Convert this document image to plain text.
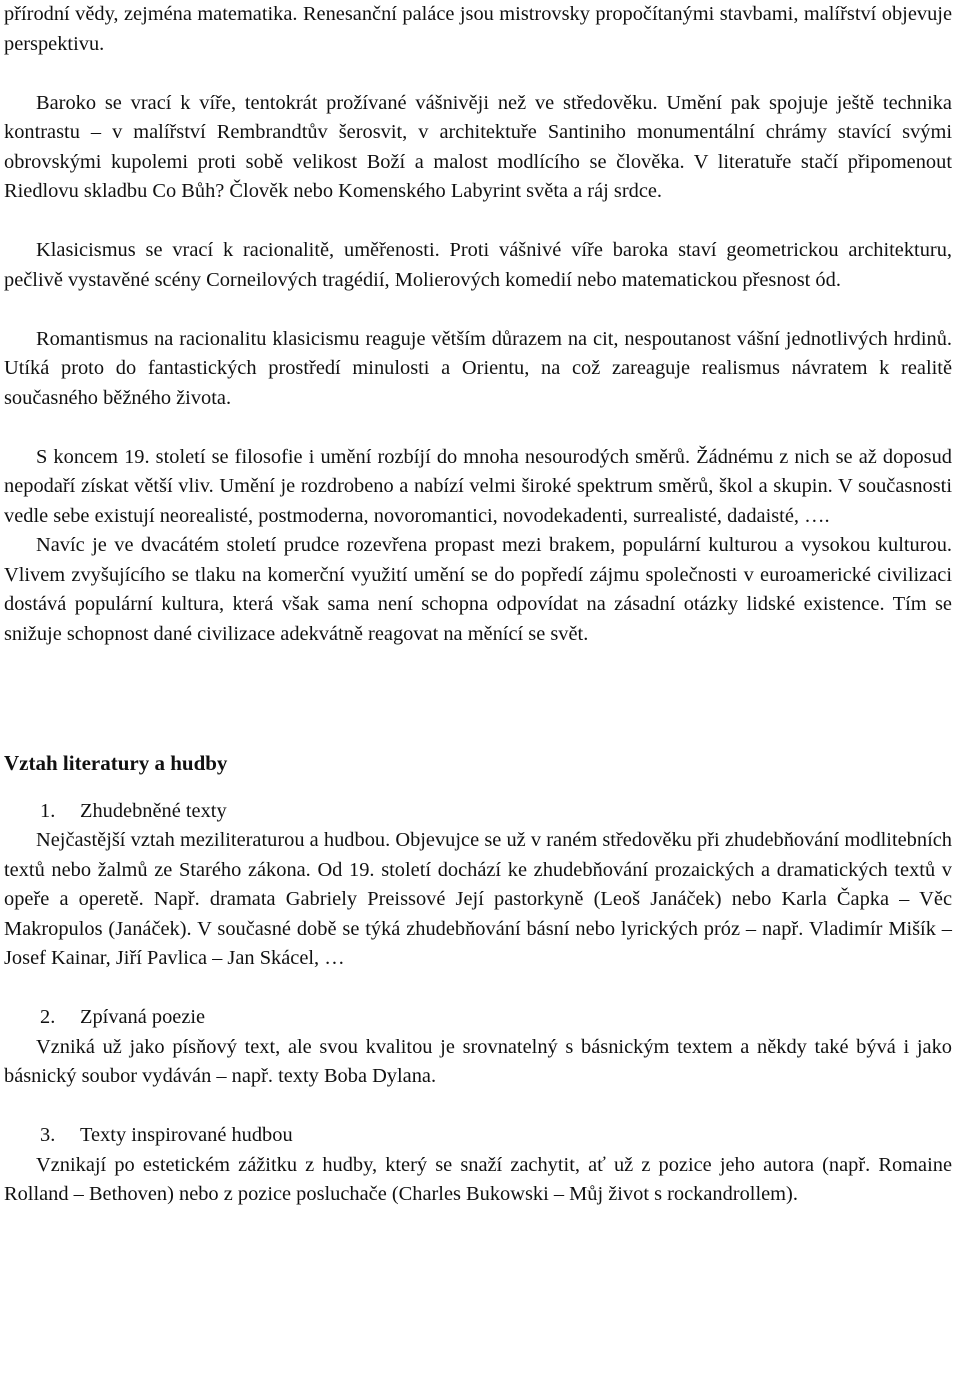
přírodní vědy, zejména matematika. Renesanční paláce jsou mistrovsky propočítanými stavbami, malířství objevuje perspektivu.

Baroko se vrací k víře, tentokrát prožívané vášnivěji než ve středověku. Umění pak spojuje ještě technika kontrastu – v malířství Rembrandtův šerosvit, v architektuře Santiniho monumentální chrámy stavící svými obrovskými kupolemi proti sobě velikost Boží a malost modlícího se člověka. V literatuře stačí připomenout Riedlovu skladbu Co Bůh? Člověk nebo Komenského Labyrint světa a ráj srdce.

Klasicismus se vrací k racionalitě, uměřenosti. Proti vášnivé víře baroka staví geometrickou architekturu, pečlivě vystavěné scény Corneilových tragédií, Molierových komedií nebo matematickou přesnost ód.

Romantismus na racionalitu klasicismu reaguje větším důrazem na cit, nespoutanost vášní jednotlivých hrdinů. Utíká proto do fantastických prostředí minulosti a Orientu, na což zareaguje realismus návratem k realitě současného běžného života.

S koncem 19. století se filosofie i umění rozbíjí do mnoha nesourodých směrů. Žádnému z nich se až doposud nepodaří získat větší vliv. Umění je rozdrobeno a nabízí velmi široké spektrum směrů, škol a skupin. V současnosti vedle sebe existují neorealisté, postmoderna, novoromantici, novodekadenti, surrealisté, dadaisté, ….

Navíc je ve dvacátém století prudce rozevřena propast mezi brakem, populární kulturou a vysokou kulturou. Vlivem zvyšujícího se tlaku na komerční využití umění se do popředí zájmu společnosti v euroamerické civilizaci dostává populární kultura, která však sama není schopna odpovídat na zásadní otázky lidské existence. Tím se snižuje schopnost dané civilizace adekvátně reagovat na měnící se svět.

Vztah literatury a hudby

1. Zhudebněné texty

Nejčastější vztah meziliteraturou a hudbou. Objevujce se už v raném středověku při zhudebňování modlitebních textů nebo žalmů ze Starého zákona. Od 19. století dochází ke zhudebňování prozaických a dramatických textů v opeře a operetě. Např. dramata Gabriely Preissové Její pastorkyně (Leoš Janáček) nebo Karla Čapka – Věc Makropulos (Janáček). V současné době se týká zhudebňování básní nebo lyrických próz – např. Vladimír Mišík – Josef Kainar, Jiří Pavlica – Jan Skácel, …

2. Zpívaná poezie

Vzniká už jako písňový text, ale svou kvalitou je srovnatelný s básnickým textem a někdy také bývá i jako básnický soubor vydáván – např. texty Boba Dylana.

3. Texty inspirované hudbou

Vznikají po estetickém zážitku z hudby, který se snaží zachytit, ať už z pozice jeho autora (např. Romaine Rolland – Bethoven) nebo z pozice posluchače (Charles Bukowski – Můj život s rockandrollem).
